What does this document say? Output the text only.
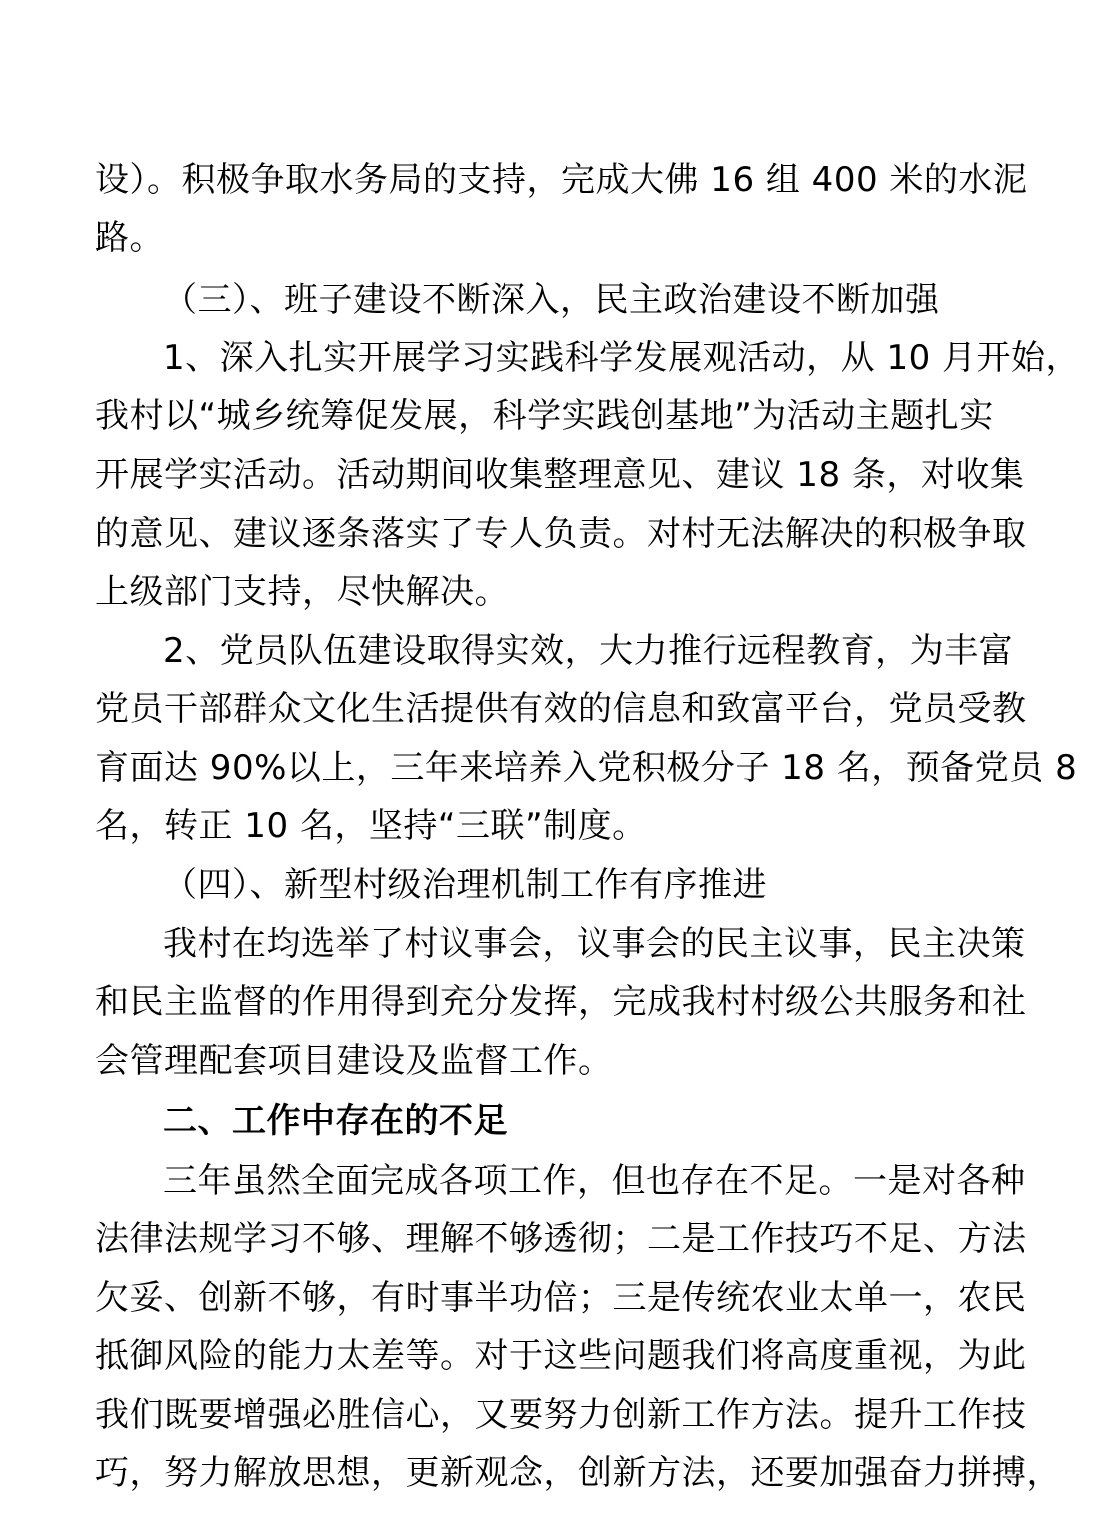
设）。积极争取水务局的支持，完成大佛 16 组 400 米的水泥
路。
（三）、班子建设不断深入，民主政治建设不断加强
1、深入扎实开展学习实践科学发展观活动，从 10 月开始，
我村以“城乡统筹促发展，科学实践创基地”为活动主题扎实
开展学实活动。活动期间收集整理意见、建议 18 条，对收集
的意见、建议逐条落实了专人负责。对村无法解决的积极争取
上级部门支持，尽快解决。
2、党员队伍建设取得实效，大力推行远程教育，为丰富
党员干部群众文化生活提供有效的信息和致富平台，党员受教
育面达 90%以上，三年来培养入党积极分子 18 名，预备党员 8
名，转正 10 名，坚持“三联”制度。
（四）、新型村级治理机制工作有序推进
我村在均选举了村议事会，议事会的民主议事，民主决策
和民主监督的作用得到充分发挥，完成我村村级公共服务和社
会管理配套项目建设及监督工作。
二、工作中存在的不足
三年虽然全面完成各项工作，但也存在不足。一是对各种
法律法规学习不够、理解不够透彻；二是工作技巧不足、方法
欠妥、创新不够，有时事半功倍；三是传统农业太单一，农民
抵御风险的能力太差等。对于这些问题我们将高度重视，为此
我们既要增强必胜信心，又要努力创新工作方法。提升工作技
巧，努力解放思想，更新观念，创新方法，还要加强奋力拼搏，
